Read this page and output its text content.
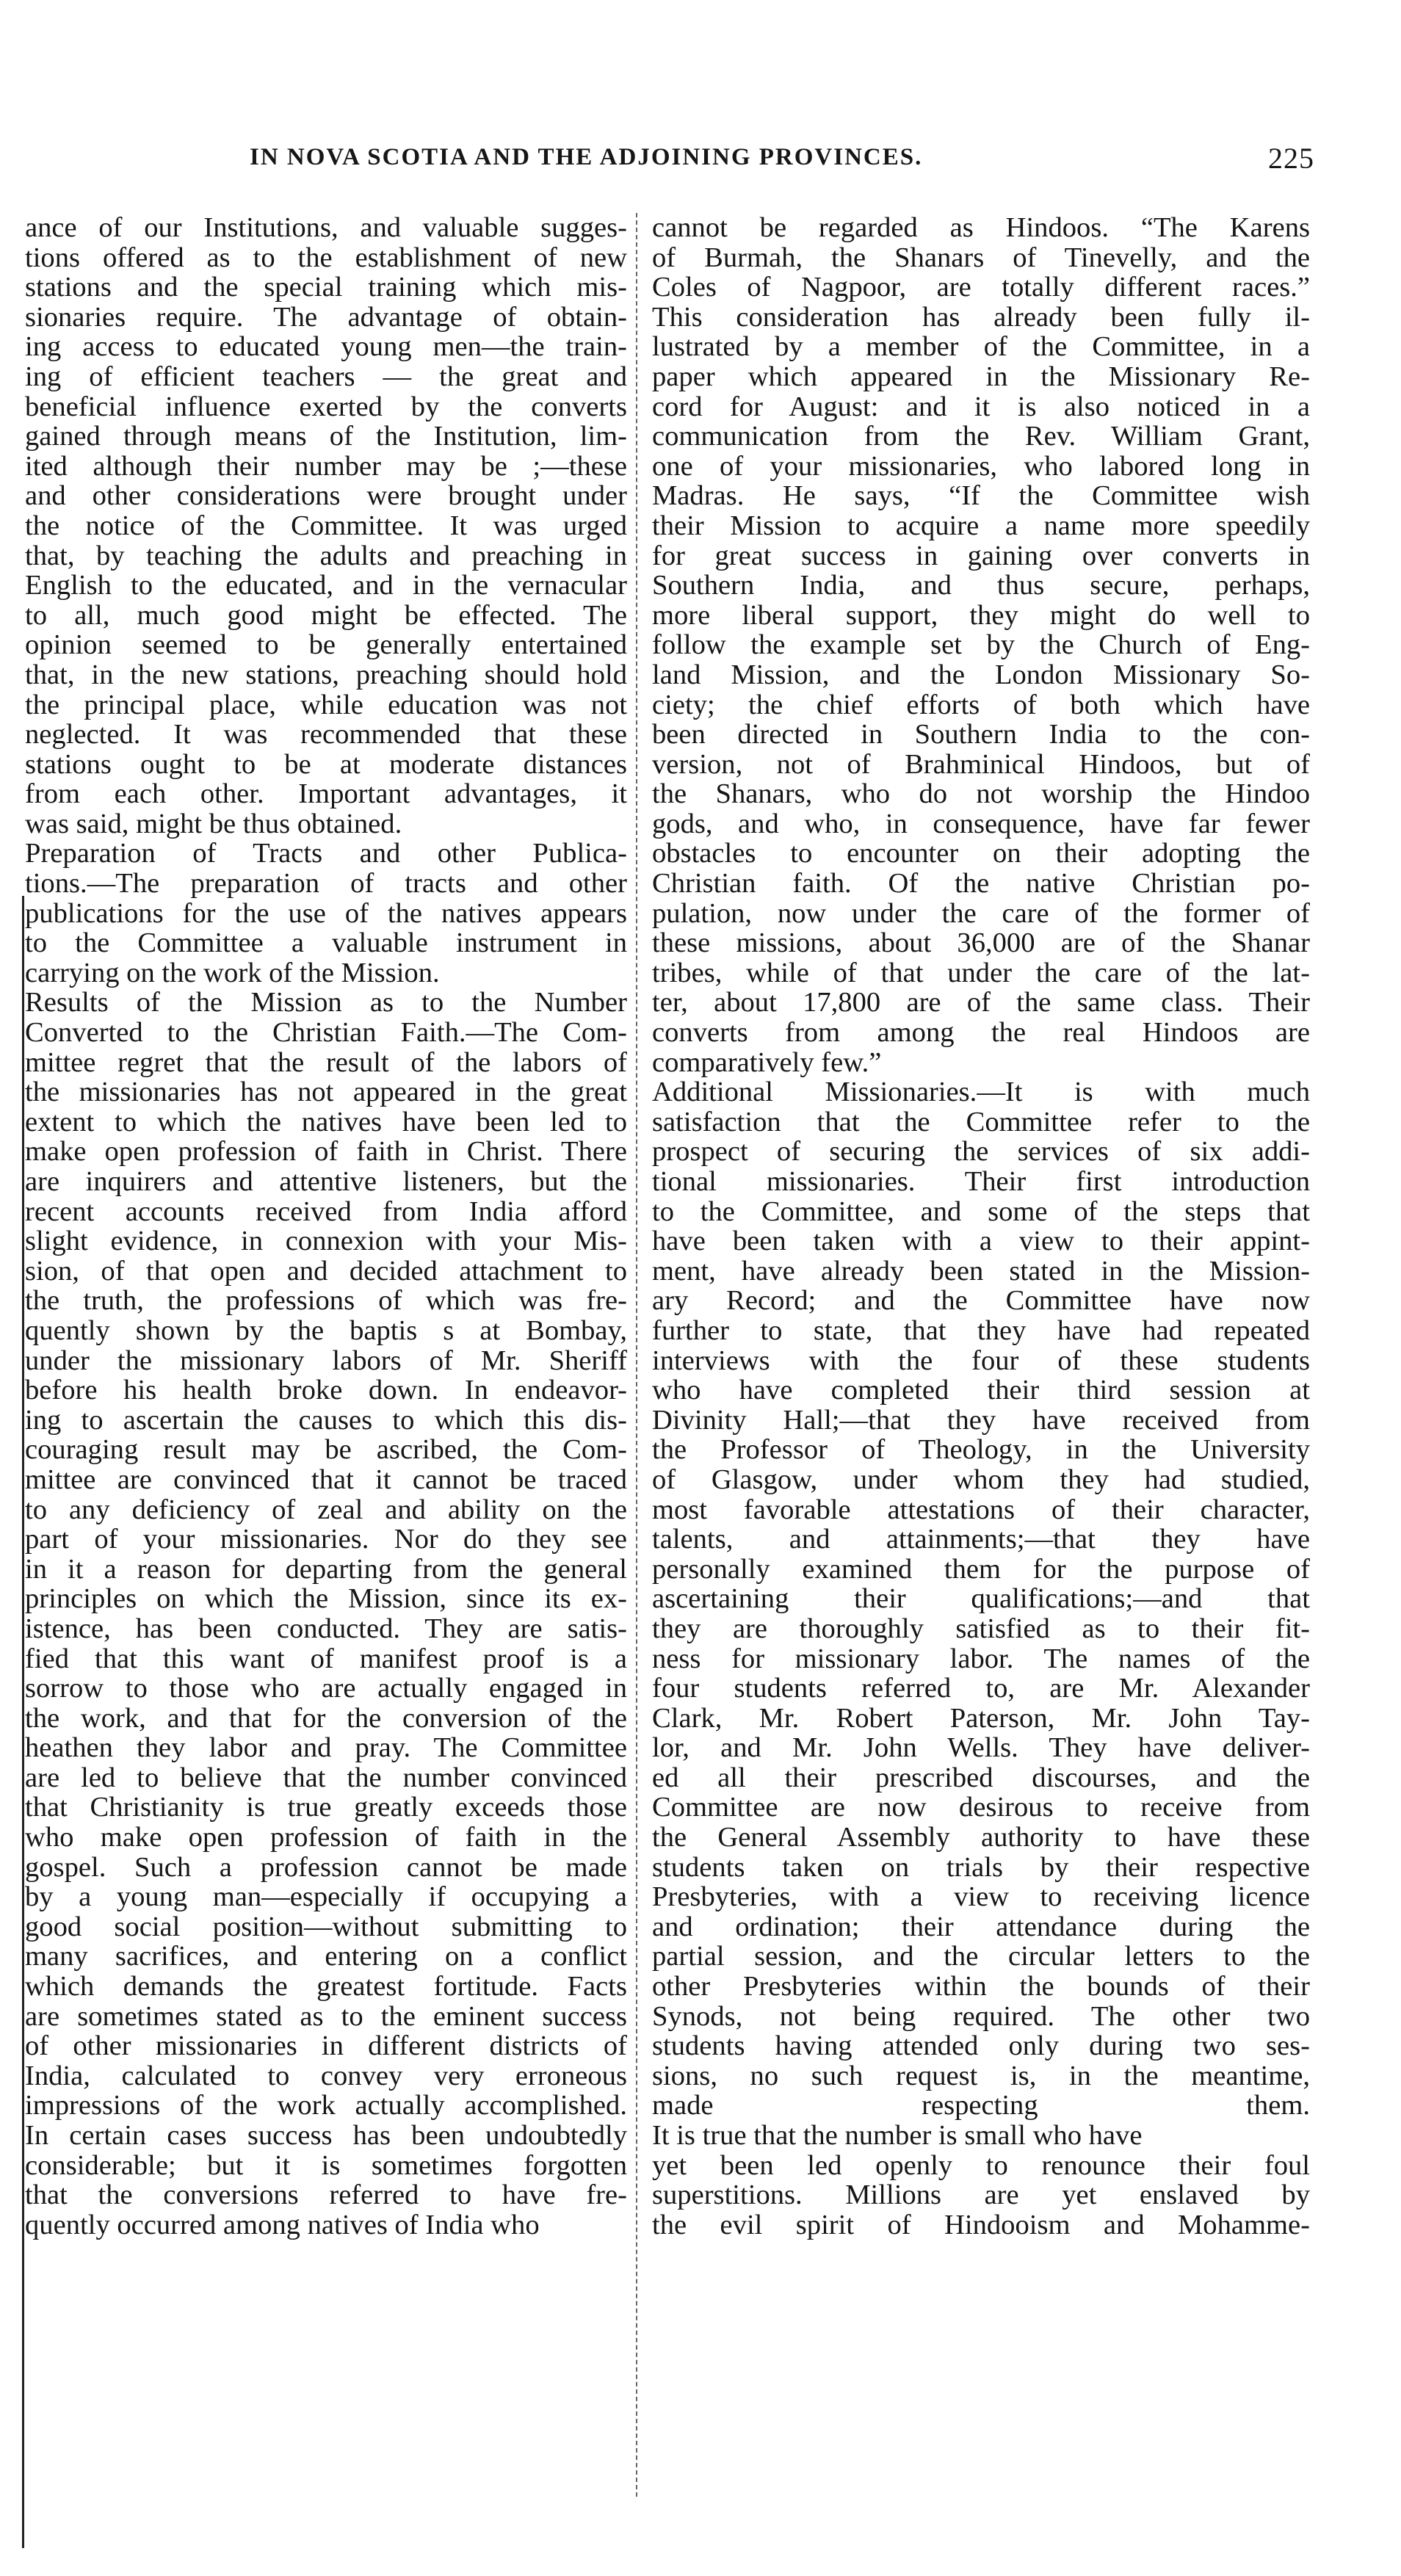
IN NOVA SCOTIA AND THE ADJOINING PROVINCES.	225
ance of our Institutions, and valuable sugges-
tions offered as to the establishment of new
stations and the special training which mis-
sionaries require. The advantage of obtain-
ing access to educated young men—the train-
ing of efficient teachers — the great and
beneficial influence exerted by the converts
gained through means of the Institution, lim-
ited although their number may be ;—these
and other considerations were brought under
the notice of the Committee. It was urged
that, by teaching the adults and preaching in
English to the educated, and in the vernacular
to all, much good might be effected. The
opinion seemed to be generally entertained
that, in the new stations, preaching should hold
the principal place, while education was not
neglected. It was recommended that these
stations ought to be at moderate distances
from each other. Important advantages, it
was said, might be thus obtained.
Preparation of Tracts and other Publica-
tions.—The preparation of tracts and other
publications for the use of the natives appears
to the Committee a valuable instrument in
carrying on the work of the Mission.
Results of the Mission as to the Number
Converted to the Christian Faith.—The Com-
mittee regret that the result of the labors of
the missionaries has not appeared in the great
extent to which the natives have been led to
make open profession of faith in Christ. There
are inquirers and attentive listeners, but the
recent accounts received from India afford
slight evidence, in connexion with your Mis-
sion, of that open and decided attachment to
the truth, the professions of which was fre-
quently shown by the baptis s at Bombay,
under the missionary labors of Mr. Sheriff
before his health broke down. In endeavor-
ing to ascertain the causes to which this dis-
couraging result may be ascribed, the Com-
mittee are convinced that it cannot be traced
to any deficiency of zeal and ability on the
part of your missionaries. Nor do they see
in it a reason for departing from the general
principles on which the Mission, since its ex-
istence, has been conducted. They are satis-
fied that this want of manifest proof is a
sorrow to those who are actually engaged in
the work, and that for the conversion of the
heathen they labor and pray. The Committee
are led to believe that the number convinced
that Christianity is true greatly exceeds those
who make open profession of faith in the
gospel. Such a profession cannot be made
by a young man—especially if occupying a
good social position—without submitting to
many sacrifices, and entering on a conflict
which demands the greatest fortitude. Facts
are sometimes stated as to the eminent success
of other missionaries in different districts of
India, calculated to convey very erroneous
impressions of the work actually accomplished.
In certain cases success has been undoubtedly
considerable; but it is sometimes forgotten
that the conversions referred to have fre-
quently occurred among natives of India who
cannot be regarded as Hindoos. “The Karens
of Burmah, the Shanars of Tinevelly, and the
Coles of Nagpoor, are totally different races.”
This consideration has already been fully il-
lustrated by a member of the Committee, in a
paper which appeared in the Missionary Re-
cord for August: and it is also noticed in a
communication from the Rev. William Grant,
one of your missionaries, who labored long in
Madras. He says, “If the Committee wish
their Mission to acquire a name more speedily
for great success in gaining over converts in
Southern India, and thus secure, perhaps,
more liberal support, they might do well to
follow the example set by the Church of Eng-
land Mission, and the London Missionary So-
ciety; the chief efforts of both which have
been directed in Southern India to the con-
version, not of Brahminical Hindoos, but of
the Shanars, who do not worship the Hindoo
gods, and who, in consequence, have far fewer
obstacles to encounter on their adopting the
Christian faith. Of the native Christian po-
pulation, now under the care of the former of
these missions, about 36,000 are of the Shanar
tribes, while of that under the care of the lat-
ter, about 17,800 are of the same class. Their
converts from among the real Hindoos are
comparatively few.”
Additional Missionaries.—It is with much
satisfaction that the Committee refer to the
prospect of securing the services of six addi-
tional missionaries. Their first introduction
to the Committee, and some of the steps that
have been taken with a view to their appint-
ment, have already been stated in the Mission-
ary Record; and the Committee have now
further to state, that they have had repeated
interviews with the four of these students
who have completed their third session at
Divinity Hall;—that they have received from
the Professor of Theology, in the University
of Glasgow, under whom they had studied,
most favorable attestations of their character,
talents, and attainments;—that they have
personally examined them for the purpose of
ascertaining their qualifications;—and that
they are thoroughly satisfied as to their fit-
ness for missionary labor. The names of the
four students referred to, are Mr. Alexander
Clark, Mr. Robert Paterson, Mr. John Tay-
lor, and Mr. John Wells. They have deliver-
ed all their prescribed discourses, and the
Committee are now desirous to receive from
the General Assembly authority to have these
students taken on trials by their respective
Presbyteries, with a view to receiving licence
and ordination; their attendance during the
partial session, and the circular letters to the
other Presbyteries within the bounds of their
Synods, not being required. The other two
students having attended only during two ses-
sions, no such request is, in the meantime,
made respecting them.
It is true that the number is small who have
yet been led openly to renounce their foul
superstitions. Millions are yet enslaved by
the evil spirit of Hindooism and Mohamme-
